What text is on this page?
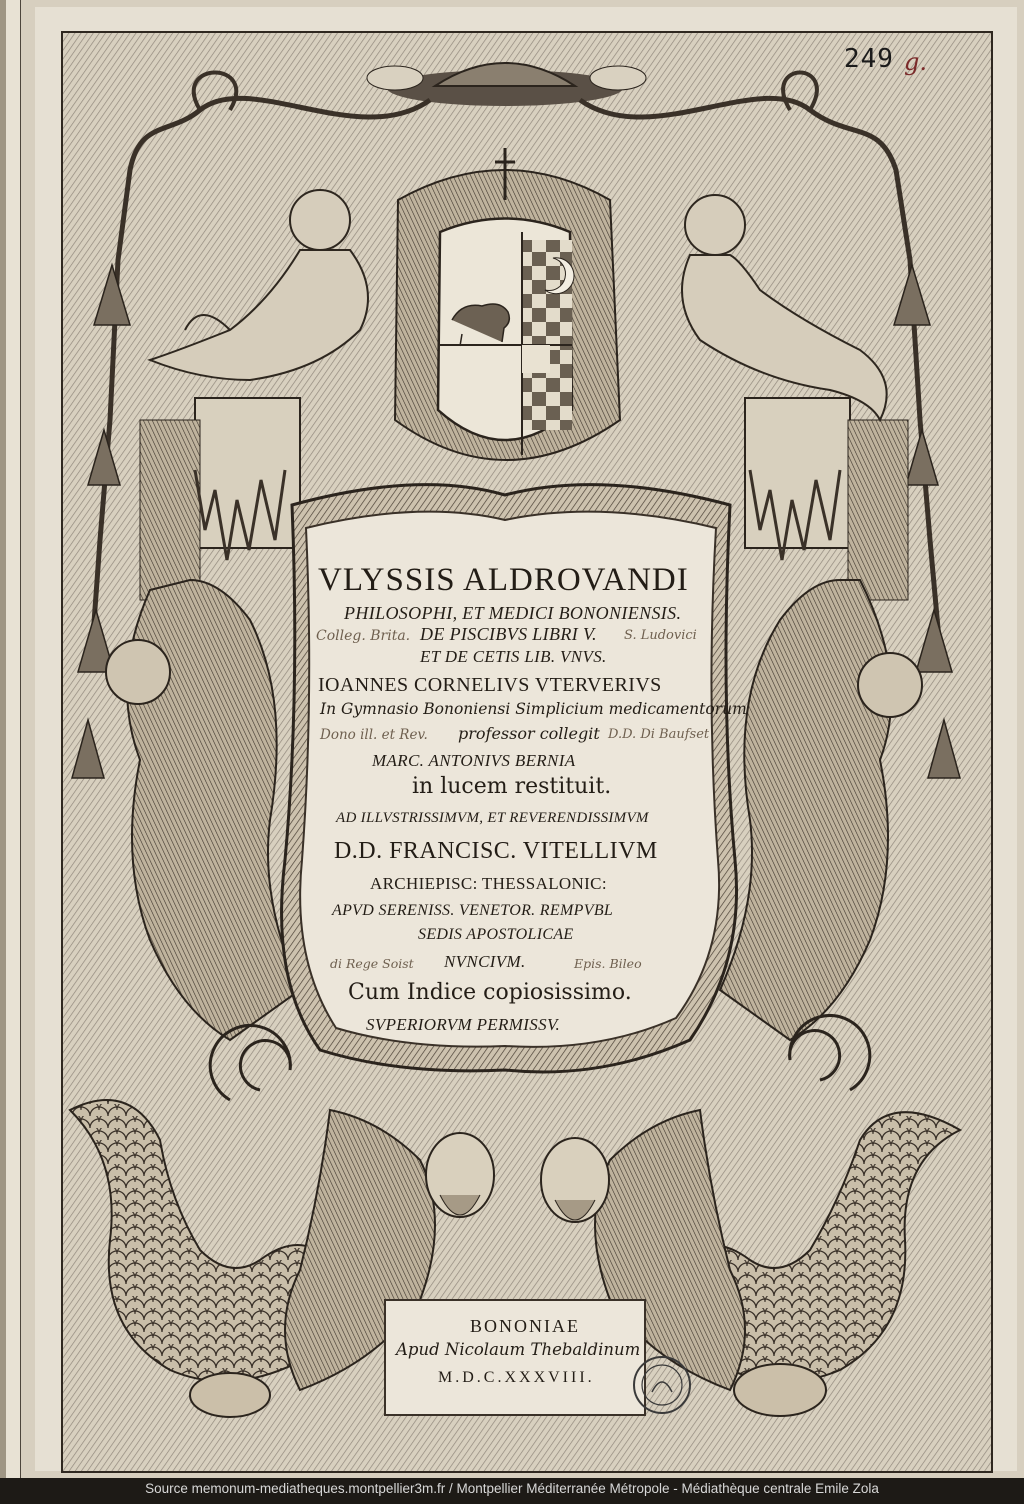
249 g.
VLYSSIS ALDROVANDI
PHILOSOPHI, ET MEDICI BONONIENSIS.
Colleg. Brita. DE PISCIBVS LIBRI V. S. Ludovici
ET DE CETIS LIB. VNVS.
IOANNES CORNELIVS VTERVERIVS
In Gymnasio Bononiensi Simplicium medicamentorum
Dono ill. et Rev. professor collegit D.D. Di Baufset
MARC. ANTONIVS BERNIA
in lucem restituit.
AD ILLVSTRISSIMVM, ET REVERENDISSIMVM
D.D. FRANCISC. VITELLIVM
ARCHIEPISC: THESSALONIC:
APVD SERENISS. VENETOR. REMPVBL
SEDIS APOSTOLICAE
di Rege Soist NVNCIVM.	Epis. Bileo
Cum Indice copiosissimo.
SVPERIORVM PERMISSV.
BONONIAE
Apud Nicolaum Thebaldinum
M.D.C.XXXVIII.
Source memonum-mediatheques.montpellier3m.fr / Montpellier Méditerranée Métropole - Médiathèque centrale Emile Zola
